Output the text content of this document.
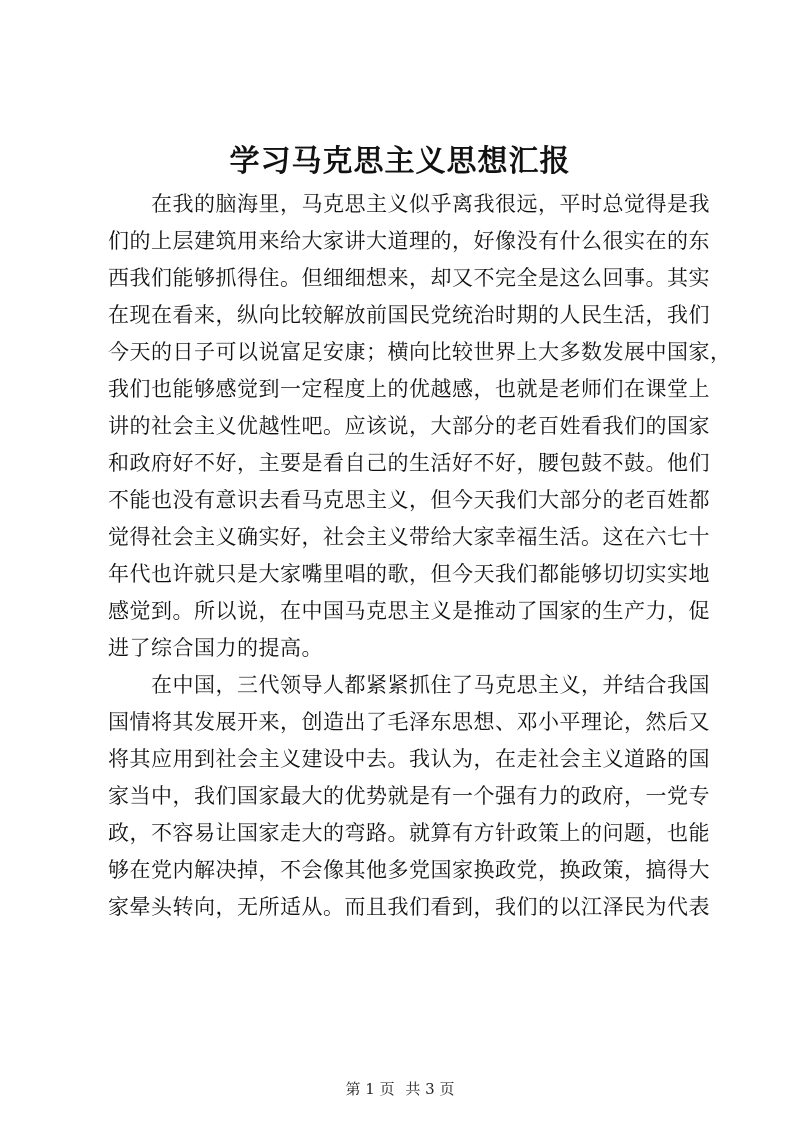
学习马克思主义思想汇报
在我的脑海里，马克思主义似乎离我很远，平时总觉得是我
们的上层建筑用来给大家讲大道理的，好像没有什么很实在的东
西我们能够抓得住。但细细想来，却又不完全是这么回事。其实
在现在看来，纵向比较解放前国民党统治时期的人民生活，我们
今天的日子可以说富足安康；横向比较世界上大多数发展中国家，
我们也能够感觉到一定程度上的优越感，也就是老师们在课堂上
讲的社会主义优越性吧。应该说，大部分的老百姓看我们的国家
和政府好不好，主要是看自己的生活好不好，腰包鼓不鼓。他们
不能也没有意识去看马克思主义，但今天我们大部分的老百姓都
觉得社会主义确实好，社会主义带给大家幸福生活。这在六七十
年代也许就只是大家嘴里唱的歌，但今天我们都能够切切实实地
感觉到。所以说，在中国马克思主义是推动了国家的生产力，促
进了综合国力的提高。
在中国，三代领导人都紧紧抓住了马克思主义，并结合我国
国情将其发展开来，创造出了毛泽东思想、邓小平理论，然后又
将其应用到社会主义建设中去。我认为，在走社会主义道路的国
家当中，我们国家最大的优势就是有一个强有力的政府，一党专
政，不容易让国家走大的弯路。就算有方针政策上的问题，也能
够在党内解决掉，不会像其他多党国家换政党，换政策，搞得大
家晕头转向，无所适从。而且我们看到，我们的以江泽民为代表
第 1 页 共 3 页
